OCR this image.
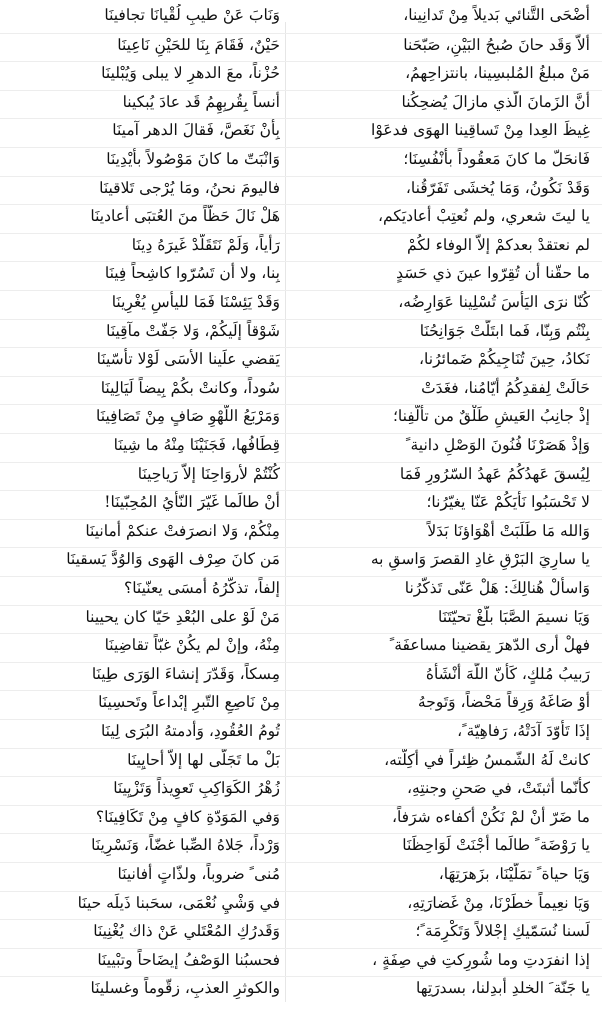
أَضْحَى التَّنائي بَديلاً مِنْ تَدانِينا،
وَنَابَ عَنْ طيبِ لُقْيانَا تجافينَا
ألاّ وَقَد حانَ صُبحُ البَيْنِ، صَبّحَنا
حَيْنٌ، فَقَامَ بِنَا للحَيْنِ نَاعِينَا
مَنْ مبلغُ المُلبسِينا، بانتزاحِهمُ،
حُزْناً، معَ الدهرِ لا يبلى وَيُبْلينَا
أَنَّ الزَمانَ الَّذي مازالَ يُضحِكُنا
أُنساً بِقُربِهِمُ قَد عادَ يُبكينا
غِيظَ العِدا مِنْ تَساقِينا الهوَى فدعَوْا
بِأنْ نَغَصَّ، فَقالَ الدهر آمينَا
فَانحَلّ ما كانَ مَعقُوداً بأَنْفُسِنَا؛
وَانْبَتّ ما كانَ مَوْصُولاً بأيْدِينَا
وَقَدْ نَكُونُ، وَمَا يُخشَى تَفَرّقُنا،
فاليومَ نحنُ، ومَا يُرْجى تَلاقينَا
يا ليتَ شعري، ولم نُعتِبْ أعاديَكم،
هَلْ نَالَ حَظّاً منَ العُتبَى أعادينَا
لم نعتقدْ بعدكمْ إلاّ الوفاء لكُمْ
رَأياً، وَلَمْ نَتَقَلّدْ غَيرَهُ دِينَا
ما حقّنا أن تُقِرّوا عينَ ذي حَسَدٍ
بِنا، ولا أن تَسُرّوا كاشِحاً فِينَا
كُنّا نرَى اليَأسَ تُسْلِينا عَوَارِضُه،
وَقَدْ يَئِسْنَا فَمَا لليأسِ يُغْرِينَا
بِنْتُم وَبِنّا، فَما ابتَلّتْ جَوَانِحُنَا
شَوْقاً إلَيكُمْ، وَلا جَفّتْ مآقِينَا
نَكادُ، حِينَ تُنَاجِيكُمْ ضَمائرُنا،
يَقضي علَينا الأسَى لَوْلا تأسّينَا
حَالَتْ لِفقدِكُمُ أيّامُنا، فغَدَتْ
سُوداً، وكانتْ بكُمْ بِيضاً لَيَالِينَا
إذْ جانِبُ العَيشِ طَلْقٌ من تألُّفِنا؛
وَمَرْبَعُ اللّهْوِ صَافٍ مِنْ تَصَافِينَا
وَإذْ هَصَرْنَا فُنُونَ الوَصْلِ دانية ً
قِطَافُها، فَجَنَيْنَا مِنْهُ ما شِينَا
لِيُسقَ عَهدُكُمُ عَهدُ السّرُورِ فَمَا
كُنْتُمْ لأروَاحِنَا إلاّ رَياحِينَا
لا تَحْسَبُوا نَأيَكُمْ عَنّا يغيّرُنا؛
أنْ طالَما غَيّرَ النّأيُ المُحِبّينَا!
وَالله مَا طَلَبَتْ أهْوَاؤنَا بَدَلاً
مِنْكُمْ، وَلا انصرَفتْ عنكمْ أمانينَا
يا سارِيَ البَرْقِ غادِ القصرَ وَاسقِ به
مَن كانَ صِرْف الهَوى وَالوُدَّ يَسقينَا
وَاسألْ هُنالِكَ: هَلْ عَنّى تَذكُّرُنا
إلفاً، تذكُّرُهُ أمسَى يعنّينَا؟
وَيَا نسيمَ الصَّبَا بلّغْ تحيّتَنَا
مَنْ لَوْ على البُعْدِ حَيّا كان يحيينا
فهلْ أرى الدّهرَ يقضينا مساعفَة ً
مِنْهُ، وإنْ لم يكُنْ غبّاً تقاضِينَا
رَبيبُ مُلكٍ، كَأنّ اللَّهَ أنْشَأهُ
مِسكاً، وَقَدّرَ إنشاءَ الوَرَى طِينَا
أوْ صَاغَهُ وَرِقاً مَحْضاً، وَتَوجهُ
مِنْ نَاصِعِ التّبرِ إبْداعاً وتَحسِينَا
إذَا تَأوّدَ آدَتْهُ، رَفاهِيّة ً،
تُومُ العُقُودِ، وَأدمتهُ البُرَى لِينَا
كانتْ لَهُ الشّمسُ ظِئراً في أكِلّته،
بَلْ ما تَجَلّى لها إلاّ أحايِينَا
كأنّما أثبتَتْ، في صَحنِ وجنتِهِ،
زُهْرُ الكَوَاكِبِ تَعوِيذاً وَتَزْيِينَا
ما ضَرّ أنْ لمْ نَكُنْ أكفاءه شرَفاً،
وَفي المَوَدّةِ كافٍ مِنْ تَكَافِينَا؟
يا رَوْضَة ً طالَما أجْنَتْ لَوَاحِظَنَا
وَرْداً، جَلاهُ الصِّبا غضّاً، وَنَسْرِينَا
وَيَا حياة ً تمَلّيْنَا، بزَهرَتِهَا،
مُنى ً ضروباً، ولذّاتٍ أفانينَا
وَيَا نعِيماً خطَرْنَا، مِنْ غَضارَتِهِ،
في وَشْيِ نُعْمَى، سحَبنا ذَيلَه حينَا
لَسنا نُسَمّيكِ إجْلالاً وَتَكْرِمَة ً؛
وَقَدرُكِ المُعْتَلي عَنْ ذاك يُغْنِينَا
إذا انفرَدتِ وما شُورِكتِ في صِفَةٍ ،
فحسبُنا الوَصْفُ إيضَاحاً وتبْيينَا
يا جَنّة َ الخلدِ أُبدِلنا، بسدرَتِها
والكوثرِ العذبِ، زقّوماً وغسلينَا
